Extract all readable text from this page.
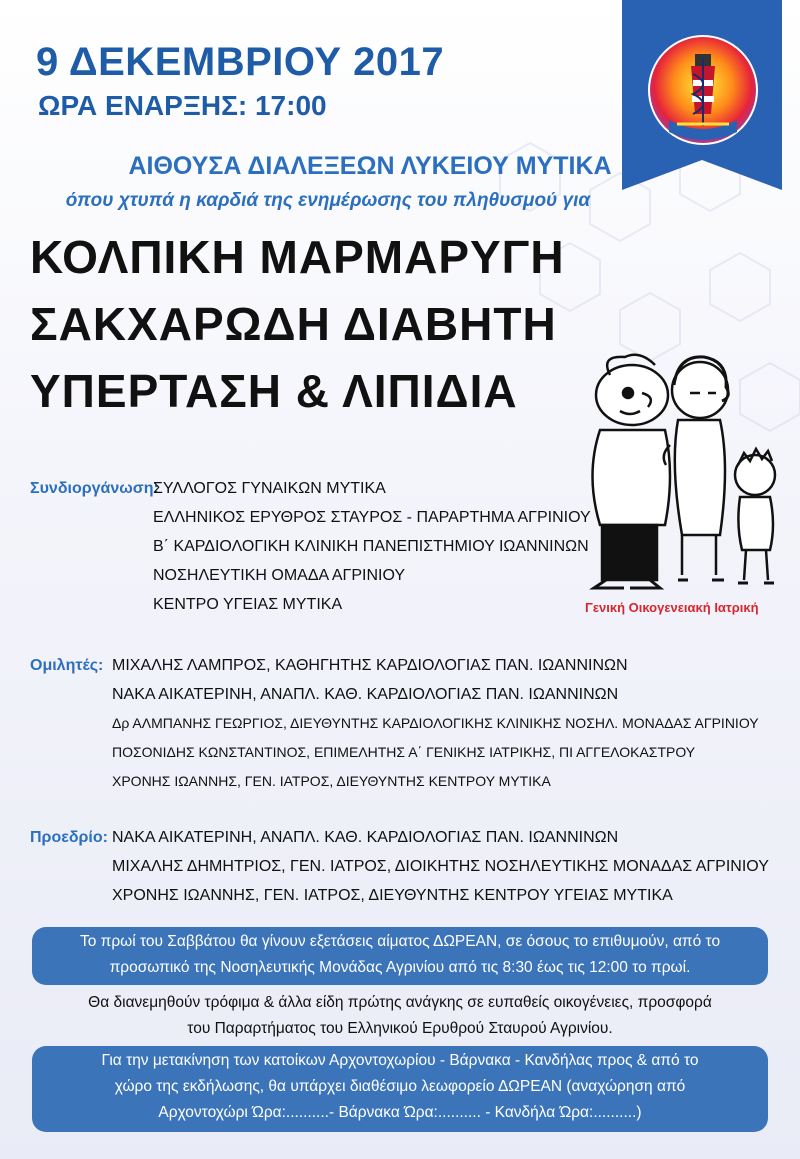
9 ΔΕΚΕΜΒΡΙΟΥ 2017
ΩΡΑ ΕΝΑΡΞΗΣ: 17:00
ΑΙΘΟΥΣΑ ΔΙΑΛΕΞΕΩΝ ΛΥΚΕΙΟΥ ΜΥΤΙΚΑ
όπου χτυπά η καρδιά της ενημέρωσης του πληθυσμού για
ΚΟΛΠΙΚΗ ΜΑΡΜΑΡΥΓΗ
ΣΑΚΧΑΡΩΔΗ ΔΙΑΒΗΤΗ
ΥΠΕΡΤΑΣΗ & ΛΙΠΙΔΙΑ
Γενική Οικογενειακή Ιατρική
Συνδιοργάνωση:
ΣΥΛΛΟΓΟΣ ΓΥΝΑΙΚΩΝ ΜΥΤΙΚΑ
ΕΛΛΗΝΙΚΟΣ ΕΡΥΘΡΟΣ ΣΤΑΥΡΟΣ - ΠΑΡΑΡΤΗΜΑ ΑΓΡΙΝΙΟΥ
Β΄ ΚΑΡΔΙΟΛΟΓΙΚΗ ΚΛΙΝΙΚΗ ΠΑΝΕΠΙΣΤΗΜΙΟΥ ΙΩΑΝΝΙΝΩΝ
ΝΟΣΗΛΕΥΤΙΚΗ ΟΜΑΔΑ ΑΓΡΙΝΙΟΥ
ΚΕΝΤΡΟ ΥΓΕΙΑΣ ΜΥΤΙΚΑ
Ομιλητές: ΜΙΧΑΛΗΣ ΛΑΜΠΡΟΣ, ΚΑΘΗΓΗΤΗΣ ΚΑΡΔΙΟΛΟΓΙΑΣ ΠΑΝ. ΙΩΑΝΝΙΝΩΝ
ΝΑΚΑ ΑΙΚΑΤΕΡΙΝΗ, ΑΝΑΠΛ. ΚΑΘ. ΚΑΡΔΙΟΛΟΓΙΑΣ ΠΑΝ. ΙΩΑΝΝΙΝΩΝ
Δρ ΑΛΜΠΑΝΗΣ ΓΕΩΡΓΙΟΣ, ΔΙΕΥΘΥΝΤΗΣ ΚΑΡΔΙΟΛΟΓΙΚΗΣ ΚΛΙΝΙΚΗΣ ΝΟΣΗΛ. ΜΟΝΑΔΑΣ ΑΓΡΙΝΙΟΥ
ΠΟΣΟΝΙΔΗΣ ΚΩΝΣΤΑΝΤΙΝΟΣ, ΕΠΙΜΕΛΗΤΗΣ Α΄ ΓΕΝΙΚΗΣ ΙΑΤΡΙΚΗΣ, ΠΙ ΑΓΓΕΛΟΚΑΣΤΡΟΥ
ΧΡΟΝΗΣ ΙΩΑΝΝΗΣ, ΓΕΝ. ΙΑΤΡΟΣ, ΔΙΕΥΘΥΝΤΗΣ ΚΕΝΤΡΟΥ ΜΥΤΙΚΑ
Προεδρίο: ΝΑΚΑ ΑΙΚΑΤΕΡΙΝΗ, ΑΝΑΠΛ. ΚΑΘ. ΚΑΡΔΙΟΛΟΓΙΑΣ ΠΑΝ. ΙΩΑΝΝΙΝΩΝ
ΜΙΧΑΛΗΣ ΔΗΜΗΤΡΙΟΣ, ΓΕΝ. ΙΑΤΡΟΣ, ΔΙΟΙΚΗΤΗΣ ΝΟΣΗΛΕΥΤΙΚΗΣ ΜΟΝΑΔΑΣ ΑΓΡΙΝΙΟΥ
ΧΡΟΝΗΣ ΙΩΑΝΝΗΣ, ΓΕΝ. ΙΑΤΡΟΣ, ΔΙΕΥΘΥΝΤΗΣ ΚΕΝΤΡΟΥ ΥΓΕΙΑΣ ΜΥΤΙΚΑ
Το πρωί του Σαββάτου θα γίνουν εξετάσεις αίματος ΔΩΡΕΑΝ, σε όσους το επιθυμούν, από το
προσωπικό της Νοσηλευτικής Μονάδας Αγρινίου από τις 8:30 έως τις 12:00 το πρωί.
Θα διανεμηθούν τρόφιμα & άλλα είδη πρώτης ανάγκης σε ευπαθείς οικογένειες, προσφορά
του Παραρτήματος του Ελληνικού Ερυθρού Σταυρού Αγρινίου.
Για την μετακίνηση των κατοίκων Αρχοντοχωρίου - Βάρνακα - Κανδήλας προς & από το
χώρο της εκδήλωσης, θα υπάρχει διαθέσιμο λεωφορείο ΔΩΡΕΑΝ (αναχώρηση από
Αρχοντοχώρι Ώρα:..........- Βάρνακα Ώρα:.......... - Κανδήλα Ώρα:..........)
